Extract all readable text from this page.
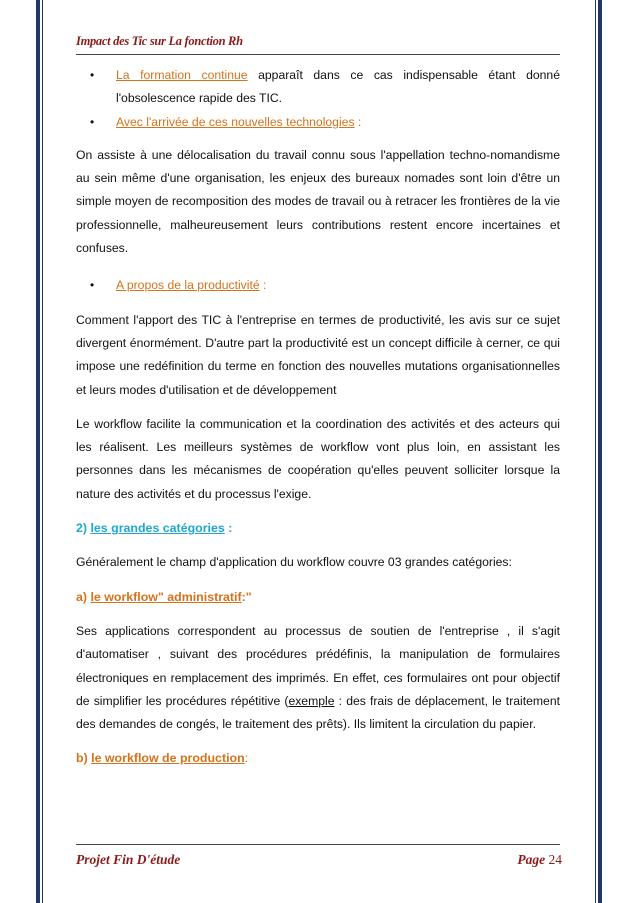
Impact des Tic sur La fonction Rh
• La formation continue apparaît dans ce cas indispensable étant donné l'obsolescence rapide des TIC.
• Avec l'arrivée de ces nouvelles technologies :

On assiste à une délocalisation du travail connu sous l'appellation techno-nomandisme au sein même d'une organisation, les enjeux des bureaux nomades sont loin d'être un simple moyen de recomposition des modes de travail ou à retracer les frontières de la vie professionnelle, malheureusement leurs contributions restent encore incertaines et confuses.

• A propos de la productivité :

Comment l'apport des TIC à l'entreprise en termes de productivité, les avis sur ce sujet divergent énormément. D'autre part la productivité est un concept difficile à cerner, ce qui impose une redéfinition du terme en fonction des nouvelles mutations organisationnelles et leurs modes d'utilisation et de développement

Le workflow facilite la communication et la coordination des activités et des acteurs qui les réalisent. Les meilleurs systèmes de workflow vont plus loin, en assistant les personnes dans les mécanismes de coopération qu'elles peuvent solliciter lorsque la nature des activités et du processus l'exige.

2) les grandes catégories :

Généralement le champ d'application du workflow couvre 03 grandes catégories:

a) le workflow" administratif:"

Ses applications correspondent au processus de soutien de l'entreprise , il s'agit d'automatiser , suivant des procédures prédéfinis, la manipulation de formulaires électroniques en remplacement des imprimés. En effet, ces formulaires ont pour objectif de simplifier les procédures répétitive (exemple : des frais de déplacement, le traitement des demandes de congés, le traitement des prêts). Ils limitent la circulation du papier.

b) le workflow de production:

Projet Fin D'étude	Page 24
